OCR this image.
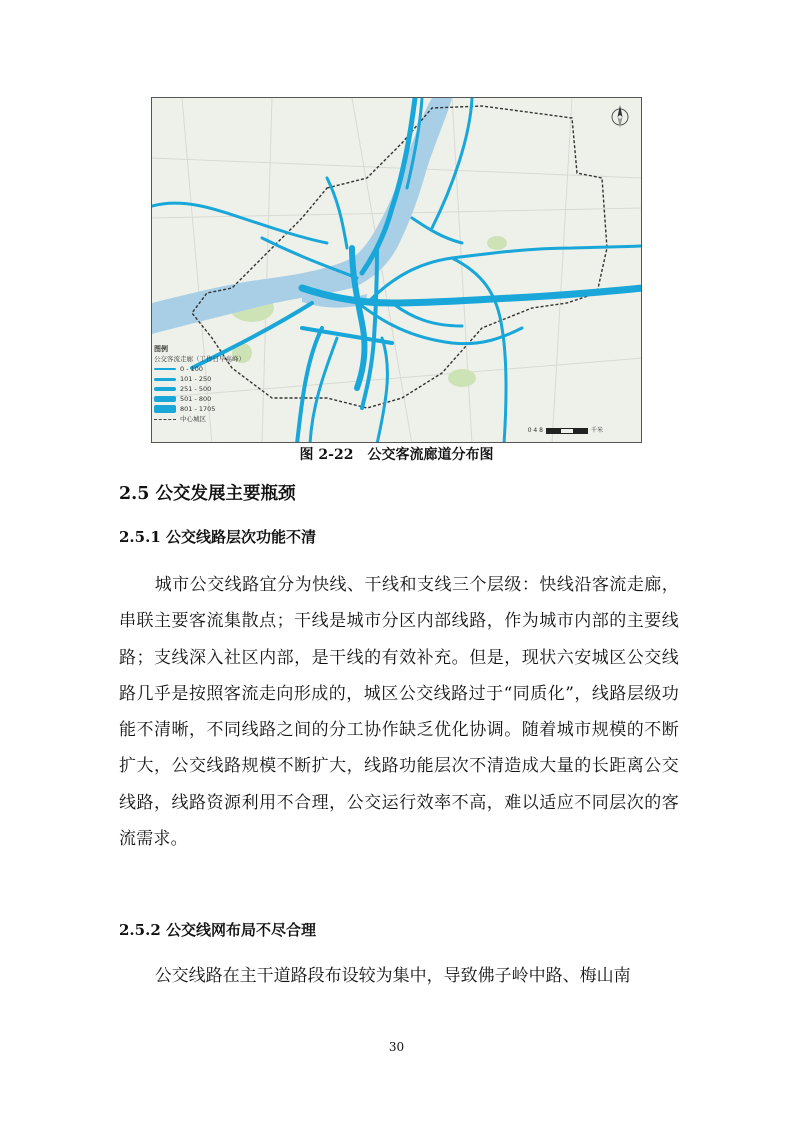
图例
公交客流走廊（工作日早高峰）
0 - 100
101 - 250
251 - 500
501 - 800
801 - 1705
中心城区
0 4 8	千米
图 2-22　公交客流廊道分布图
2.5 公交发展主要瓶颈
2.5.1 公交线路层次功能不清
城市公交线路宜分为快线、干线和支线三个层级：快线沿客流走廊，串联主要客流集散点；干线是城市分区内部线路，作为城市内部的主要线路；支线深入社区内部，是干线的有效补充。但是，现状六安城区公交线路几乎是按照客流走向形成的，城区公交线路过于“同质化”，线路层级功能不清晰，不同线路之间的分工协作缺乏优化协调。随着城市规模的不断扩大，公交线路规模不断扩大，线路功能层次不清造成大量的长距离公交线路，线路资源利用不合理，公交运行效率不高，难以适应不同层次的客流需求。
2.5.2 公交线网布局不尽合理
公交线路在主干道路段布设较为集中，导致佛子岭中路、梅山南
30
